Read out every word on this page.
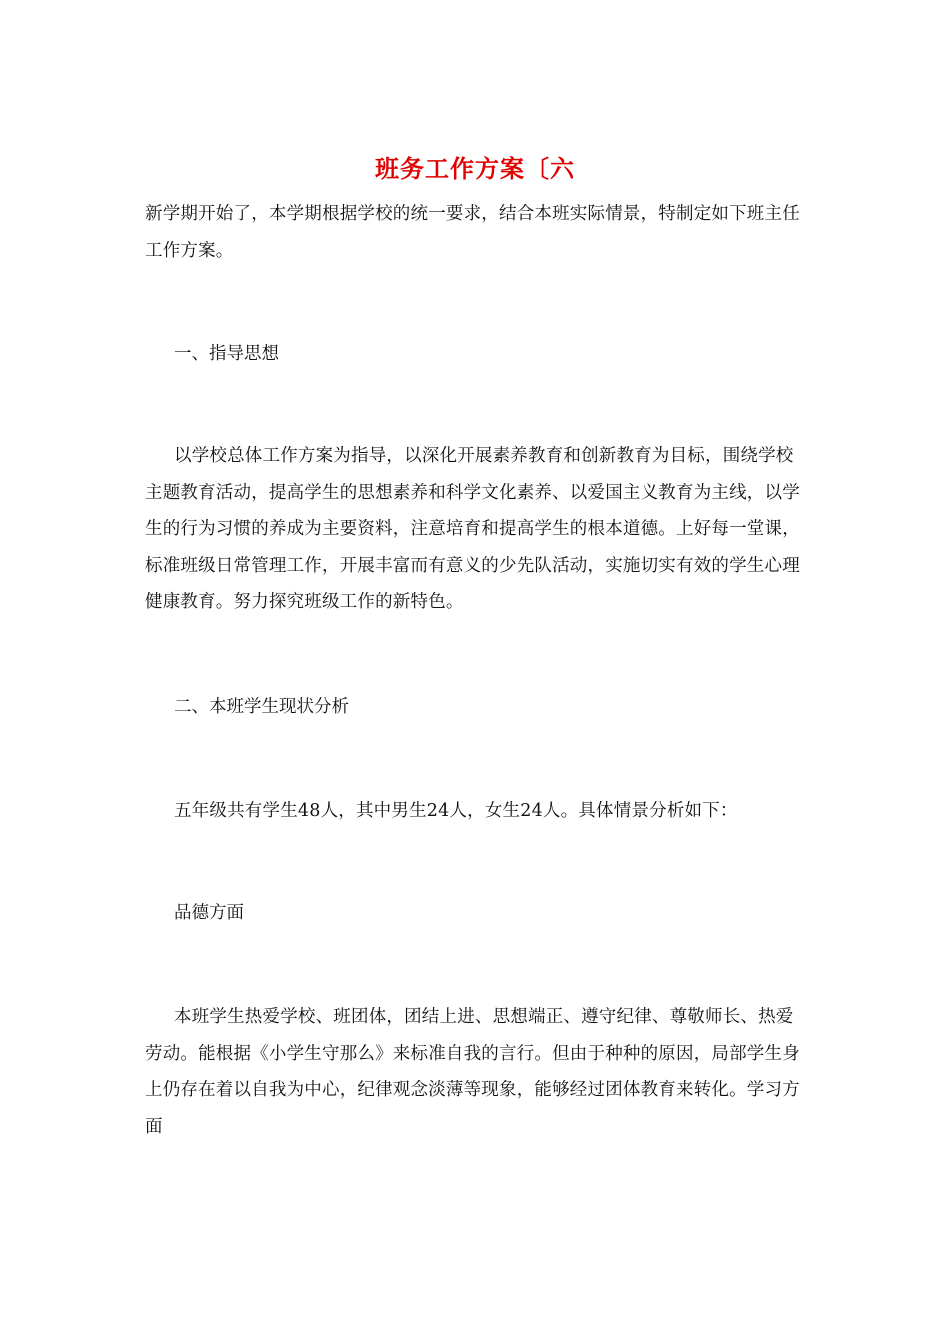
班务工作方案〔六

新学期开始了，本学期根据学校的统一要求，结合本班实际情景，特制定如下班主任工作方案。

一、指导思想

以学校总体工作方案为指导，以深化开展素养教育和创新教育为目标，围绕学校主题教育活动，提高学生的思想素养和科学文化素养、以爱国主义教育为主线，以学生的行为习惯的养成为主要资料，注意培育和提高学生的根本道德。上好每一堂课，标准班级日常管理工作，开展丰富而有意义的少先队活动，实施切实有效的学生心理健康教育。努力探究班级工作的新特色。

二、本班学生现状分析

五年级共有学生48人，其中男生24人，女生24人。具体情景分析如下：

品德方面

本班学生热爱学校、班团体，团结上进、思想端正、遵守纪律、尊敬师长、热爱劳动。能根据《小学生守那么》来标准自我的言行。但由于种种的原因，局部学生身上仍存在着以自我为中心，纪律观念淡薄等现象，能够经过团体教育来转化。学习方面
